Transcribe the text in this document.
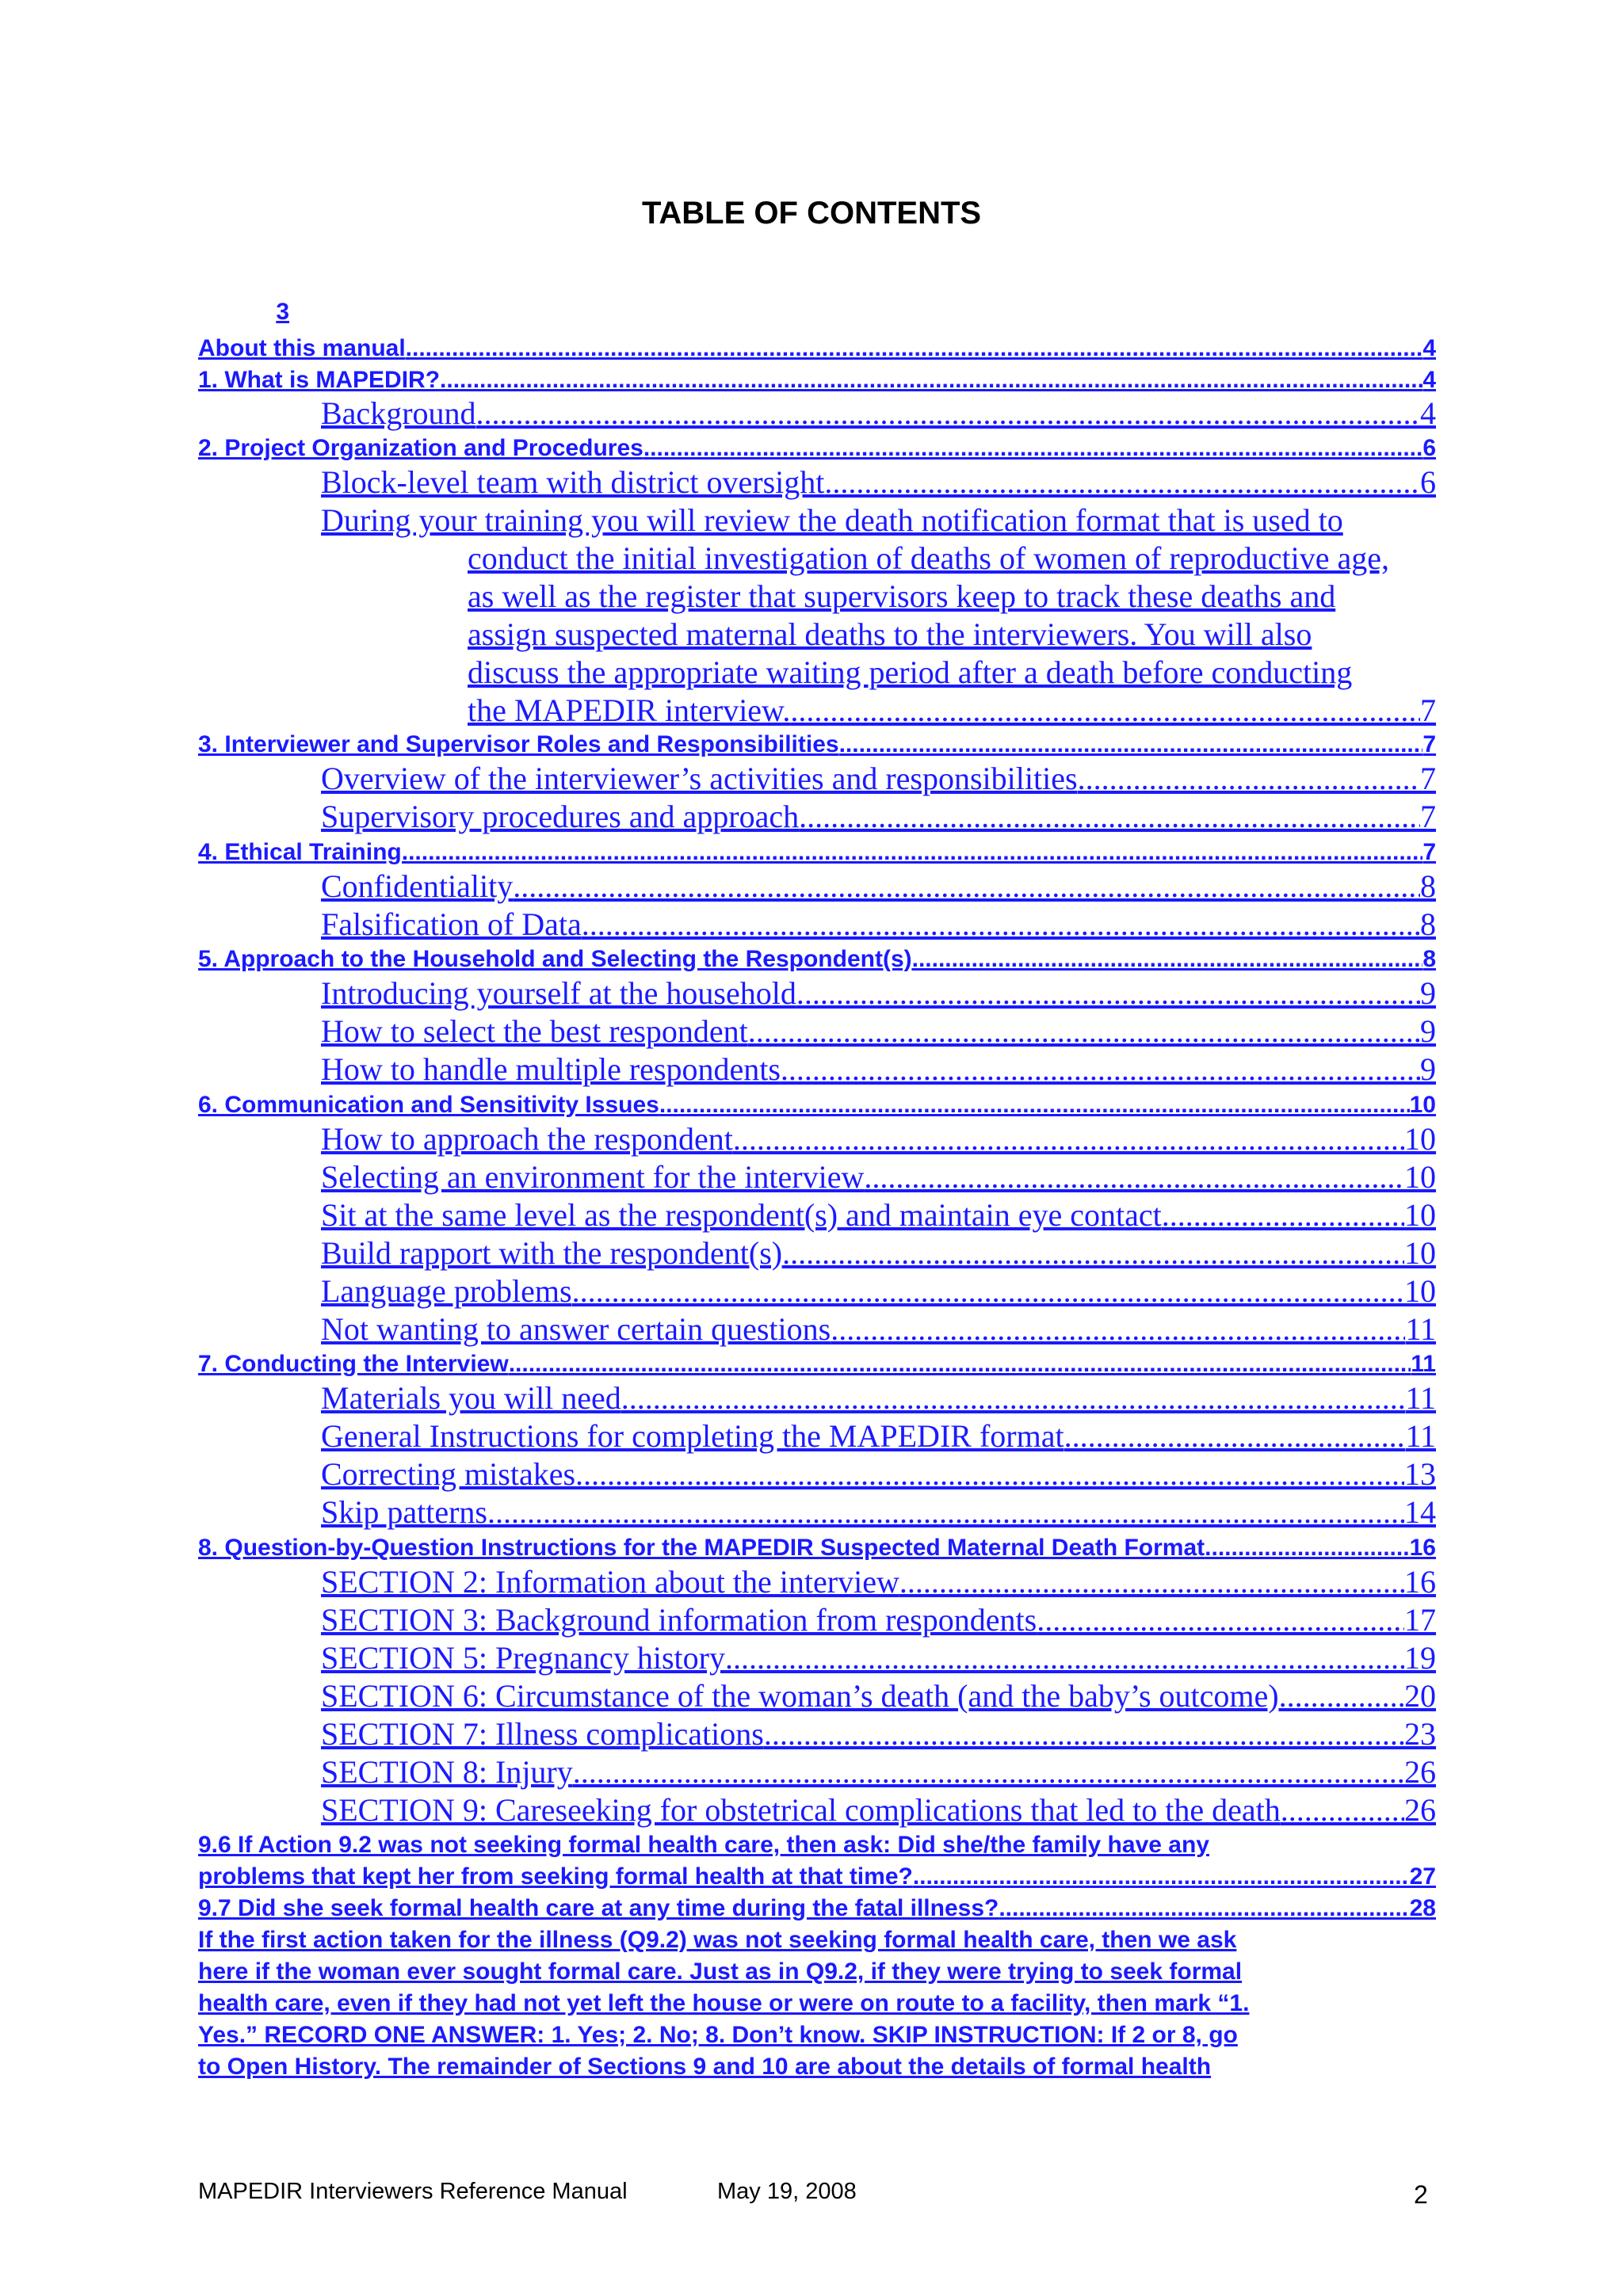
TABLE OF CONTENTS
3
About this manual .....	4
1. What is MAPEDIR? .....	4
Background .....	4
2. Project Organization and Procedures .....	6
Block-level team with district oversight .....	6
During your training you will review the death notification format that is used to
conduct the initial investigation of deaths of women of reproductive age,
as well as the register that supervisors keep to track these deaths and
assign suspected maternal deaths to the interviewers. You will also
discuss the appropriate waiting period after a death before conducting
the MAPEDIR interview. .....	7
3. Interviewer and Supervisor Roles and Responsibilities .....	7
Overview of the interviewer’s activities and responsibilities .....	7
Supervisory procedures and approach .....	7
4. Ethical Training .....	7
Confidentiality .....	8
Falsification of Data .....	8
5. Approach to the Household and Selecting the Respondent(s) .....	8
Introducing yourself at the household .....	9
How to select the best respondent .....	9
How to handle multiple respondents .....	9
6. Communication and Sensitivity Issues .....	10
How to approach the respondent .....	10
Selecting an environment for the interview .....	10
Sit at the same level as the respondent(s) and maintain eye contact .....	10
Build rapport with the respondent(s) .....	10
Language problems .....	10
Not wanting to answer certain questions .....	11
7. Conducting the Interview .....	11
Materials you will need .....	11
General Instructions for completing the MAPEDIR format .....	11
Correcting mistakes .....	13
Skip patterns .....	14
8. Question-by-Question Instructions for the MAPEDIR Suspected Maternal Death Format .....	16
SECTION 2: Information about the interview .....	16
SECTION 3: Background information from respondents .....	17
SECTION 5: Pregnancy history .....	19
SECTION 6: Circumstance of the woman’s death (and the baby’s outcome) .....	20
SECTION 7: Illness complications .....	23
SECTION 8: Injury .....	26
SECTION 9: Careseeking for obstetrical complications that led to the death .....	26
9.6 If Action 9.2 was not seeking formal health care, then ask: Did she/the family have any
problems that kept her from seeking formal health at that time? .....	27
9.7 Did she seek formal health care at any time during the fatal illness? .....	28
If the first action taken for the illness (Q9.2) was not seeking formal health care, then we ask
here if the woman ever sought formal care. Just as in Q9.2, if they were trying to seek formal
health care, even if they had not yet left the house or were on route to a facility, then mark “1.
Yes.” RECORD ONE ANSWER: 1. Yes; 2. No; 8. Don’t know. SKIP INSTRUCTION: If 2 or 8, go
to Open History. The remainder of Sections 9 and 10 are about the details of formal health
MAPEDIR Interviewers Reference Manual	May 19, 2008	2
